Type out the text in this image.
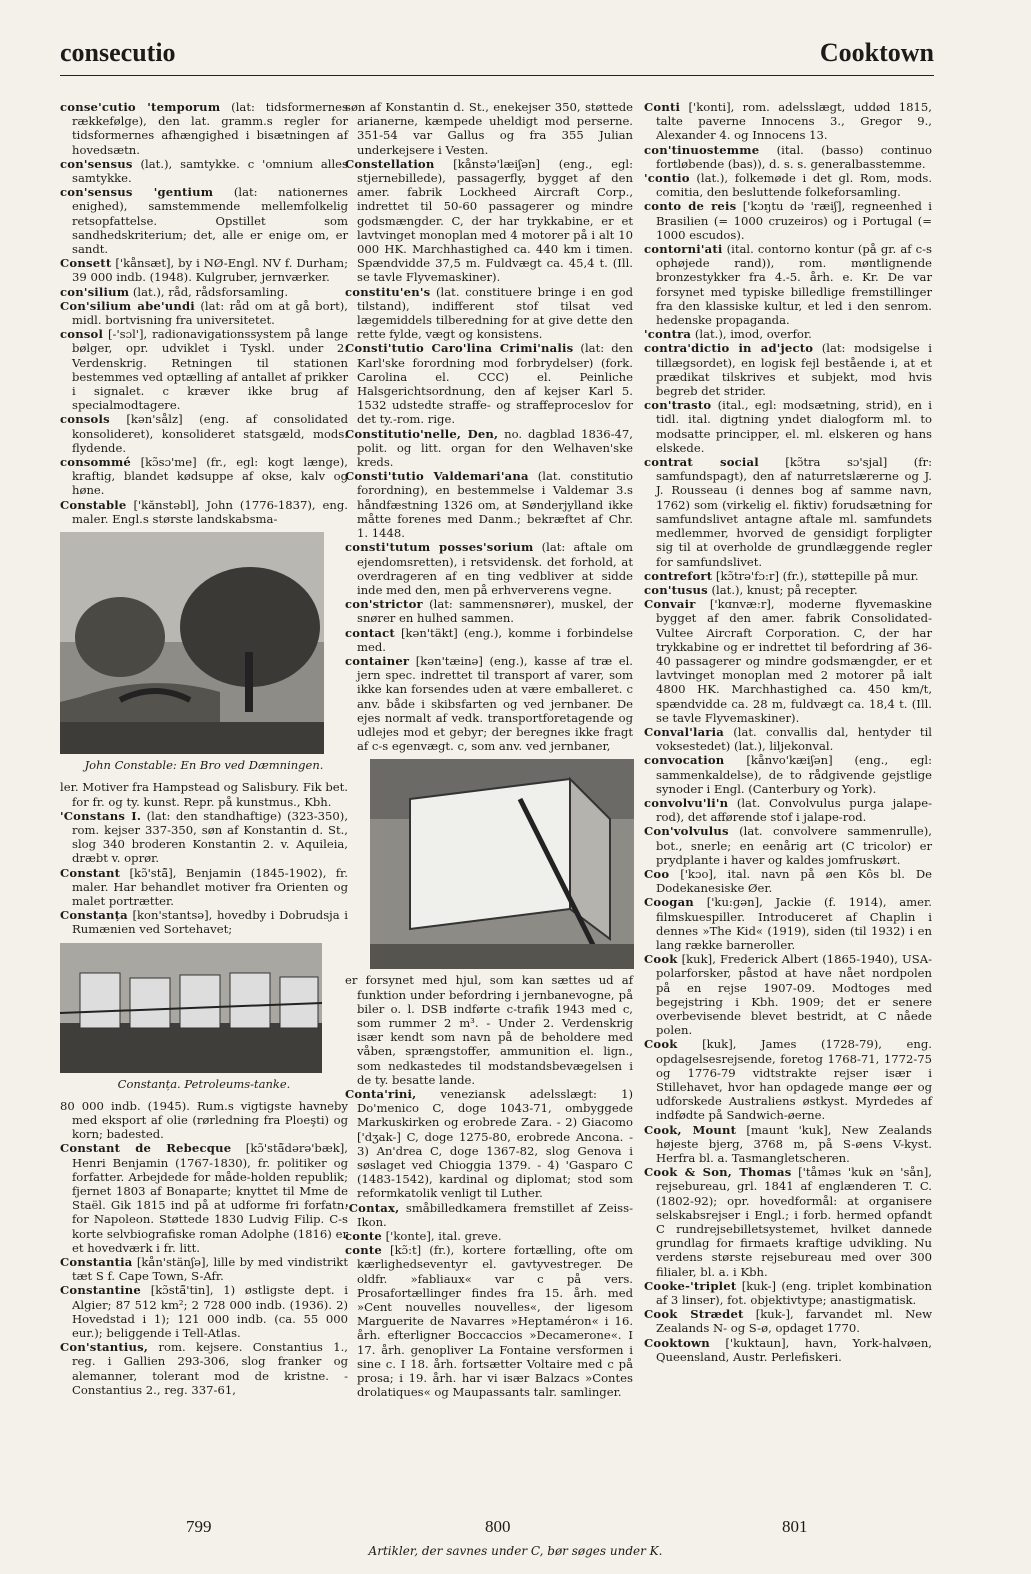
consecutio	Cooktown

conse'cutio 'temporum (lat: tidsformernes rækkefølge), den lat. gramm.s regler for tidsformernes afhængighed i bisætningen af hovedsætn.

con'sensus (lat.), samtykke. c 'omnium alles samtykke.

con'sensus 'gentium (lat: nationernes enighed), samstemmende mellemfolkelig retsopfattelse. Opstillet som sandhedskriterium; det, alle er enige om, er sandt.

Consett ['kånsæt], by i NØ-Engl. NV f. Durham; 39 000 indb. (1948). Kulgruber, jernværker.

con'silium (lat.), råd, rådsforsamling.

Con'silium abe'undi (lat: råd om at gå bort), midl. bortvisning fra universitetet.

consol [-'sɔl'], radionavigationssystem på lange bølger, opr. udviklet i Tyskl. under 2. Verdenskrig. Retningen til stationen bestemmes ved optælling af antallet af prikker i signalet. c kræver ikke brug af specialmodtagere.

consols [kən'sålz] (eng. af consolidated konsolideret), konsolideret statsgæld, mods. flydende.

consommé [kɔ̃sɔ'me] (fr., egl: kogt længe), kraftig, blandet kødsuppe af okse, kalv og høne.

Constable ['kănstəbl], John (1776-1837), eng. maler. Engl.s største landskabsma-

John Constable: En Bro ved Dæmningen.

ler. Motiver fra Hampstead og Salisbury. Fik bet. for fr. og ty. kunst. Repr. på kunstmus., Kbh.

'Constans I. (lat: den standhaftige) (323-350), rom. kejser 337-350, søn af Konstantin d. St., slog 340 broderen Konstantin 2. v. Aquileia, dræbt v. oprør.

Constant [kɔ̃'stā̃], Benjamin (1845-1902), fr. maler. Har behandlet motiver fra Orienten og malet portrætter.

Constanța [kon'stantsə], hovedby i Dobrudsja i Rumænien ved Sortehavet;

Constanța. Petroleums-tanke.

80 000 indb. (1945). Rum.s vigtigste havneby med eksport af olie (rørledning fra Ploeşti) og korn; badested.

Constant de Rebecque [kɔ̃'stā̃dərə'bæk], Henri Benjamin (1767-1830), fr. politiker og forfatter. Arbejdede for måde-holden republik; fjernet 1803 af Bonaparte; knyttet til Mme de Staël. Gik 1815 ind på at udforme fri forfatn. for Napoleon. Støttede 1830 Ludvig Filip. C-s korte selvbiografiske roman Adolphe (1816) er et hovedværk i fr. litt.

Constantia [kån'stänʃə], lille by med vindistrikt tæt S f. Cape Town, S-Afr.

Constantine [kɔ̃stā̃'tin], 1) østligste dept. i Algier; 87 512 km²; 2 728 000 indb. (1936). 2) Hovedstad i 1); 121 000 indb. (ca. 55 000 eur.); beliggende i Tell-Atlas.

Con'stantius, rom. kejsere. Constantius 1., reg. i Gallien 293-306, slog franker og alemanner, tolerant mod de kristne. - Constantius 2., reg. 337-61,

søn af Konstantin d. St., enekejser 350, støttede arianerne, kæmpede uheldigt mod perserne. 351-54 var Gallus og fra 355 Julian underkejsere i Vesten.

Constellation [kånstə'læiʃən] (eng., egl: stjernebillede), passagerfly, bygget af den amer. fabrik Lockheed Aircraft Corp., indrettet til 50-60 passagerer og mindre godsmængder. C, der har trykkabine, er et lavtvinget monoplan med 4 motorer på i alt 10 000 HK. Marchhastighed ca. 440 km i timen. Spændvidde 37,5 m. Fuldvægt ca. 45,4 t. (Ill. se tavle Flyvemaskiner).

constitu'en's (lat. constituere bringe i en god tilstand), indifferent stof tilsat ved lægemiddels tilberedning for at give dette den rette fylde, vægt og konsistens.

Consti'tutio Caro'lina Crimi'nalis (lat: den Karl'ske forordning mod forbrydelser) (fork. Carolina el. CCC) el. Peinliche Halsgerichtsordnung, den af kejser Karl 5. 1532 udstedte straffe- og straffeproceslov for det ty.-rom. rige.

Constitutio'nelle, Den, no. dagblad 1836-47, polit. og litt. organ for den Welhaven'ske kreds.

Consti'tutio Valdemari'ana (lat. constitutio forordning), en bestemmelse i Valdemar 3.s håndfæstning 1326 om, at Sønderjylland ikke måtte forenes med Danm.; bekræftet af Chr. 1. 1448.

consti'tutum posses'sorium (lat: aftale om ejendomsretten), i retsvidensk. det forhold, at overdrageren af en ting vedbliver at sidde inde med den, men på erhververens vegne.

con'strictor (lat: sammensnører), muskel, der snører en hulhed sammen.

contact [kən'täkt] (eng.), komme i forbindelse med.

container [kən'tæinə] (eng.), kasse af træ el. jern spec. indrettet til transport af varer, som ikke kan forsendes uden at være emballeret. c anv. både i skibsfarten og ved jernbaner. De ejes normalt af vedk. transportforetagende og udlejes mod et gebyr; der beregnes ikke fragt af c-s egenvægt. c, som anv. ved jernbaner,

er forsynet med hjul, som kan sættes ud af funktion under befordring i jernbanevogne, på biler o. l. DSB indførte c-trafik 1943 med c, som rummer 2 m³. - Under 2. Verdenskrig især kendt som navn på de beholdere med våben, sprængstoffer, ammunition el. lign., som nedkastedes til modstandsbevægelsen i de ty. besatte lande.

Conta'rini, veneziansk adelsslægt: 1) Do'menico C, doge 1043-71, ombyggede Markuskirken og erobrede Zara. - 2) Giacomo ['dʒak-] C, doge 1275-80, erobrede Ancona. - 3) An'drea C, doge 1367-82, slog Genova i søslaget ved Chioggia 1379. - 4) 'Gasparo C (1483-1542), kardinal og diplomat; stod som reformkatolik venligt til Luther.

'Contax, småbilledkamera fremstillet af Zeiss-Ikon.

conte ['konte], ital. greve.

conte [kɔ̃:t] (fr.), kortere fortælling, ofte om kærlighedseventyr el. gavtyvestreger. De oldfr. »fabliaux« var c på vers. Prosafortællinger findes fra 15. årh. med »Cent nouvelles nouvelles«, der ligesom Marguerite de Navarres »Heptaméron« i 16. årh. efterligner Boccaccios »Decamerone«. I 17. årh. genopliver La Fontaine versformen i sine c. I 18. årh. fortsætter Voltaire med c på prosa; i 19. årh. har vi især Balzacs »Contes drolatiques« og Maupassants talr. samlinger.

Conti ['konti], rom. adelsslægt, uddød 1815, talte paverne Innocens 3., Gregor 9., Alexander 4. og Innocens 13.

con'tinuostemme (ital. (basso) continuo fortløbende (bas)), d. s. s. generalbasstemme.

'contio (lat.), folkemøde i det gl. Rom, mods. comitia, den besluttende folkeforsamling.

conto de reis ['kɔŋtu də 'ræiʃ], regneenhed i Brasilien (= 1000 cruzeiros) og i Portugal (= 1000 escudos).

contorni'ati (ital. contorno kontur (på gr. af c-s ophøjede rand)), rom. møntlignende bronzestykker fra 4.-5. årh. e. Kr. De var forsynet med typiske billedlige fremstillinger fra den klassiske kultur, et led i den senrom. hedenske propaganda.

'contra (lat.), imod, overfor.

contra'dictio in ad'jecto (lat: modsigelse i tillægsordet), en logisk fejl bestående i, at et prædikat tilskrives et subjekt, mod hvis begreb det strider.

con'trasto (ital., egl: modsætning, strid), en i tidl. ital. digtning yndet dialogform ml. to modsatte principper, el. ml. elskeren og hans elskede.

contrat social [kɔ̃tra sɔ'sjal] (fr: samfundspagt), den af naturretslærerne og J. J. Rousseau (i dennes bog af samme navn, 1762) som (virkelig el. fiktiv) forudsætning for samfundslivet antagne aftale ml. samfundets medlemmer, hvorved de gensidigt forpligter sig til at overholde de grundlæggende regler for samfundslivet.

contrefort [kɔ̃trə'fɔ:r] (fr.), støttepille på mur.

con'tusus (lat.), knust; på recepter.

Convair ['kɑnvæ:r], moderne flyvemaskine bygget af den amer. fabrik Consolidated-Vultee Aircraft Corporation. C, der har trykkabine og er indrettet til befordring af 36-40 passagerer og mindre godsmængder, er et lavtvinget monoplan med 2 motorer på ialt 4800 HK. Marchhastighed ca. 450 km/t, spændvidde ca. 28 m, fuldvægt ca. 18,4 t. (Ill. se tavle Flyvemaskiner).

Conval'laria (lat. convallis dal, hentyder til voksestedet) (lat.), liljekonval.

convocation [kånvo'kæiʃən] (eng., egl: sammenkaldelse), de to rådgivende gejstlige synoder i Engl. (Canterbury og York).

convolvu'li'n (lat. Convolvulus purga jalape-rod), det afførende stof i jalape-rod.

Con'volvulus (lat. convolvere sammenrulle), bot., snerle; en eenårig art (C tricolor) er prydplante i haver og kaldes jomfruskørt.

Coo ['kɔo], ital. navn på øen Kôs bl. De Dodekanesiske Øer.

Coogan ['ku:gən], Jackie (f. 1914), amer. filmskuespiller. Introduceret af Chaplin i dennes »The Kid« (1919), siden (til 1932) i en lang række barneroller.

Cook [kuk], Frederick Albert (1865-1940), USA-polarforsker, påstod at have nået nordpolen på en rejse 1907-09. Modtoges med begejstring i Kbh. 1909; det er senere overbevisende blevet bestridt, at C nåede polen.

Cook [kuk], James (1728-79), eng. opdagelsesrejsende, foretog 1768-71, 1772-75 og 1776-79 vidtstrakte rejser især i Stillehavet, hvor han opdagede mange øer og udforskede Australiens østkyst. Myrdedes af indfødte på Sandwich-øerne.

Cook, Mount [maunt 'kuk], New Zealands højeste bjerg, 3768 m, på S-øens V-kyst. Herfra bl. a. Tasmangletscheren.

Cook & Son, Thomas ['tåməs 'kuk ən 'sån], rejsebureau, grl. 1841 af englænderen T. C. (1802-92); opr. hovedformål: at organisere selskabsrejser i Engl.; i forb. hermed opfandt C rundrejsebilletsystemet, hvilket dannede grundlag for firmaets kraftige udvikling. Nu verdens største rejsebureau med over 300 filialer, bl. a. i Kbh.

Cooke-'triplet [kuk-] (eng. triplet kombination af 3 linser), fot. objektivtype; anastigmatisk.

Cook Strædet [kuk-], farvandet ml. New Zealands N- og S-ø, opdaget 1770.

Cooktown ['kuktaun], havn, York-halvøen, Queensland, Austr. Perlefiskeri.

799	800	801
Artikler, der savnes under C, bør søges under K.
